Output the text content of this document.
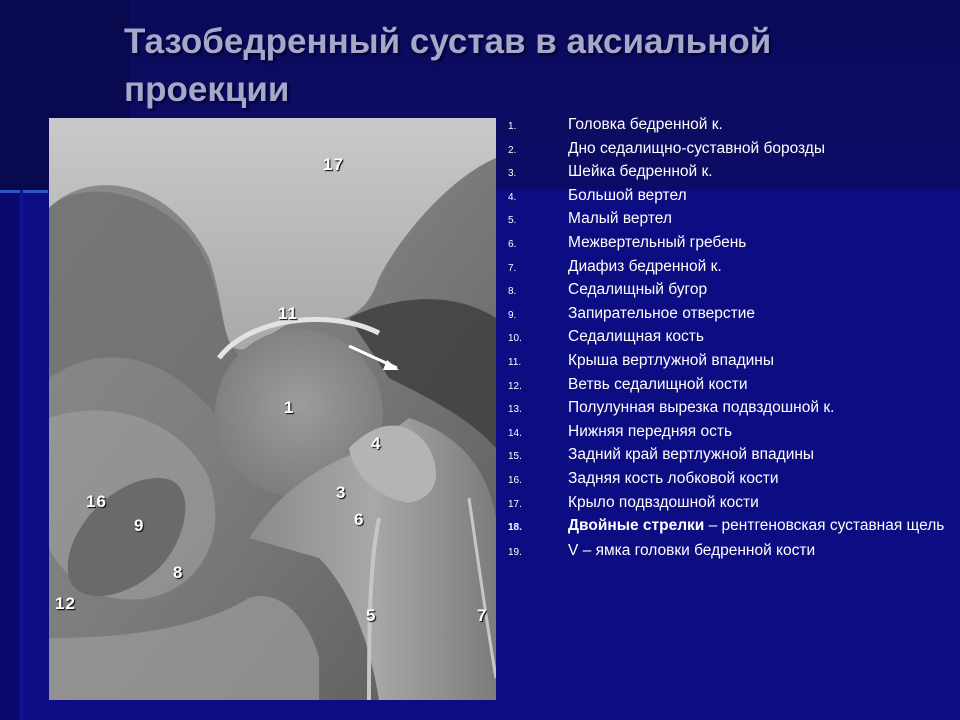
Тазобедренный сустав в аксиальной проекции
17
11
1
4
3
16
9	6
8
12
5	7
1.	Головка бедренной к.
2.	Дно седалищно-суставной борозды
3.	Шейка бедренной к.
4.	Большой вертел
5.	Малый вертел
6.	Межвертельный гребень
7.	Диафиз бедренной к.
8.	Седалищный бугор
9.	Запирательное отверстие
10.	Седалищная кость
11.	Крыша вертлужной впадины
12.	Ветвь седалищной кости
13.	Полулунная вырезка подвздошной к.
14.	Нижняя передняя ость
15.	Задний край вертлужной впадины
16.	Задняя кость лобковой кости
17.	Крыло подвздошной кости
18.	Двойные стрелки – рентгеновская суставная щель
19.	V – ямка головки бедренной кости
